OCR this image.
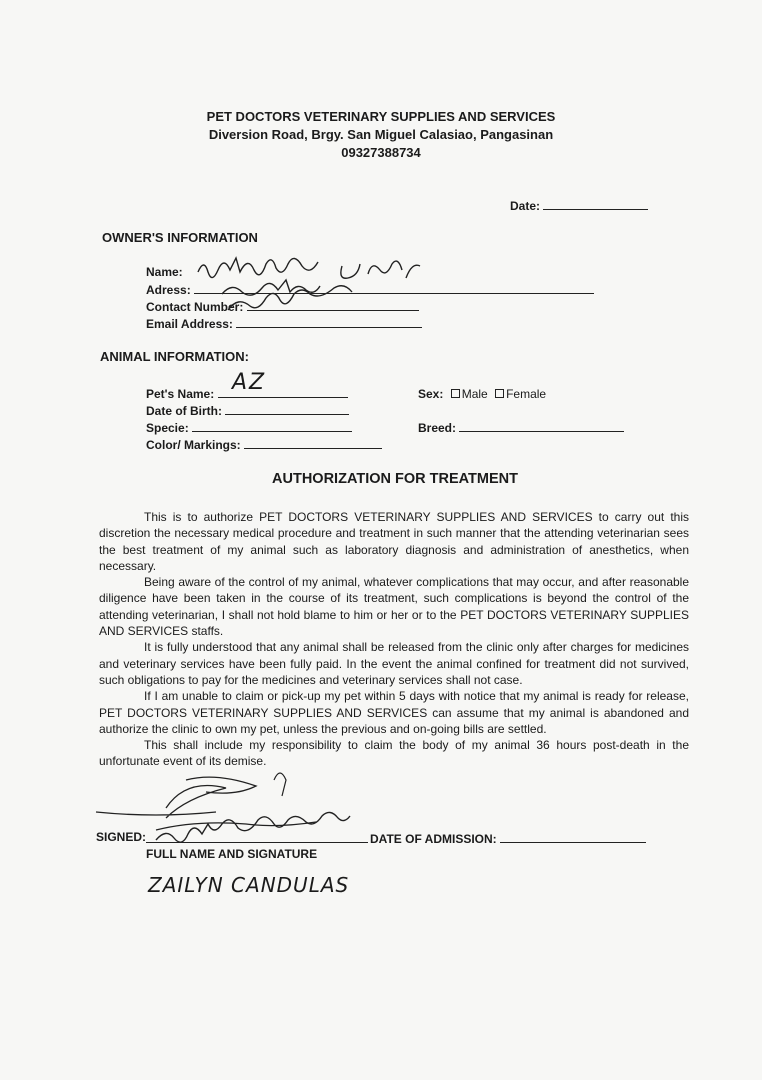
PET DOCTORS VETERINARY SUPPLIES AND SERVICES
Diversion Road, Brgy. San Miguel Calasiao, Pangasinan
09327388734
Date:
OWNER'S INFORMATION
Name:
Adress:
Contact Number:
Email Address:
ANIMAL INFORMATION:
Pet's Name: AZ
Date of Birth:
Specie:
Color/ Markings:
Sex: Male Female
Breed:
AUTHORIZATION FOR TREATMENT

This is to authorize PET DOCTORS VETERINARY SUPPLIES AND SERVICES to carry out this discretion the necessary medical procedure and treatment in such manner that the attending veterinarian sees the best treatment of my animal such as laboratory diagnosis and administration of anesthetics, when necessary.

Being aware of the control of my animal, whatever complications that may occur, and after reasonable diligence have been taken in the course of its treatment, such complications is beyond the control of the attending veterinarian, I shall not hold blame to him or her or to the PET DOCTORS VETERINARY SUPPLIES AND SERVICES staffs.

It is fully understood that any animal shall be released from the clinic only after charges for medicines and veterinary services have been fully paid. In the event the animal confined for treatment did not survived, such obligations to pay for the medicines and veterinary services shall not case.

If I am unable to claim or pick-up my pet within 5 days with notice that my animal is ready for release, PET DOCTORS VETERINARY SUPPLIES AND SERVICES can assume that my animal is abandoned and authorize the clinic to own my pet, unless the previous and on-going bills are settled.

This shall include my responsibility to claim the body of my animal 36 hours post-death in the unfortunate event of its demise.

SIGNED:	DATE OF ADMISSION:
FULL NAME AND SIGNATURE
ZAILYN CANDULAS
